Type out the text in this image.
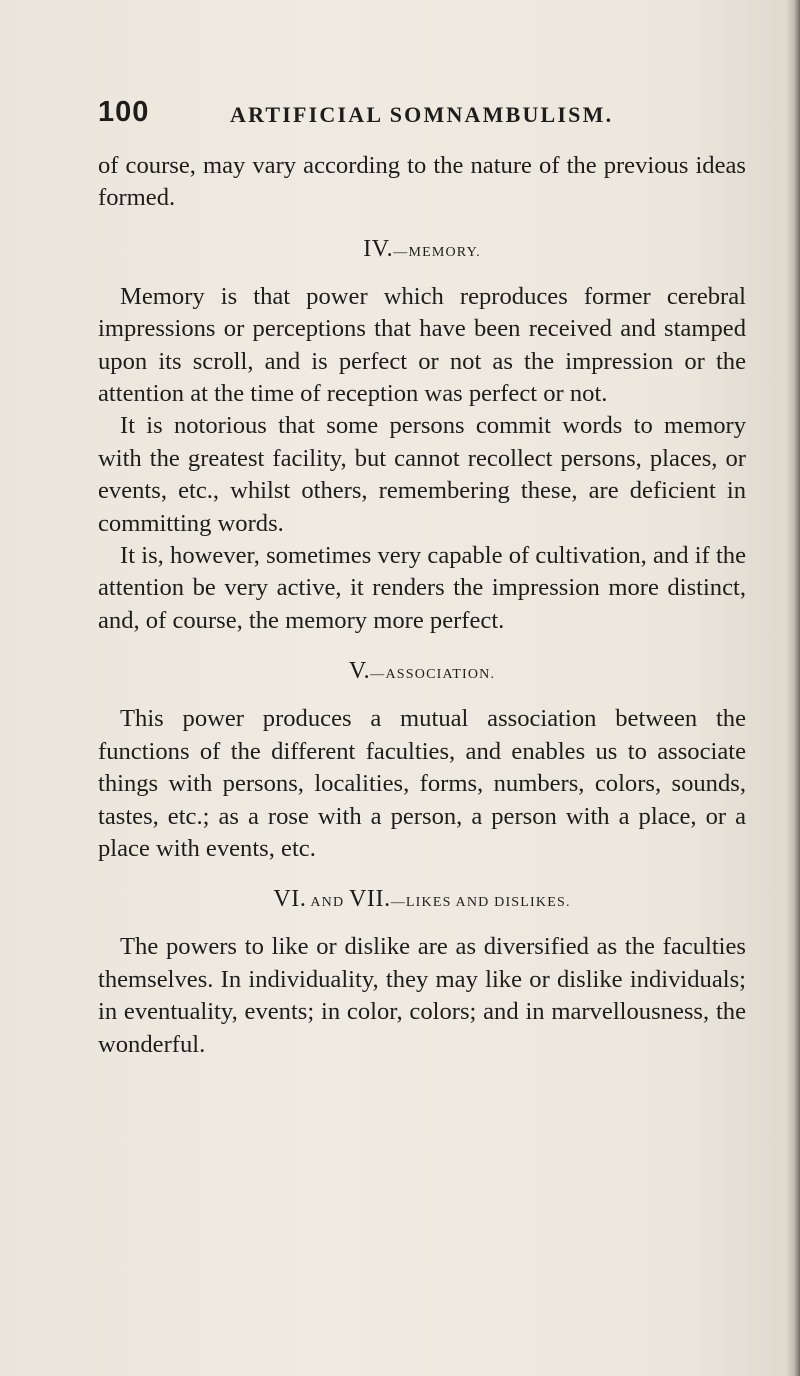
100	ARTIFICIAL SOMNAMBULISM.

of course, may vary according to the nature of the previous ideas formed.

IV.—MEMORY.

Memory is that power which reproduces former cerebral impressions or perceptions that have been received and stamped upon its scroll, and is perfect or not as the impression or the attention at the time of reception was perfect or not.

It is notorious that some persons commit words to memory with the greatest facility, but cannot recollect persons, places, or events, etc., whilst others, remembering these, are deficient in committing words.

It is, however, sometimes very capable of cultivation, and if the attention be very active, it renders the impression more distinct, and, of course, the memory more perfect.

V.—ASSOCIATION.

This power produces a mutual association between the functions of the different faculties, and enables us to associate things with persons, localities, forms, numbers, colors, sounds, tastes, etc.; as a rose with a person, a person with a place, or a place with events, etc.

VI. AND VII.—LIKES AND DISLIKES.

The powers to like or dislike are as diversified as the faculties themselves. In individuality, they may like or dislike individuals; in eventuality, events; in color, colors; and in marvellousness, the wonderful.
